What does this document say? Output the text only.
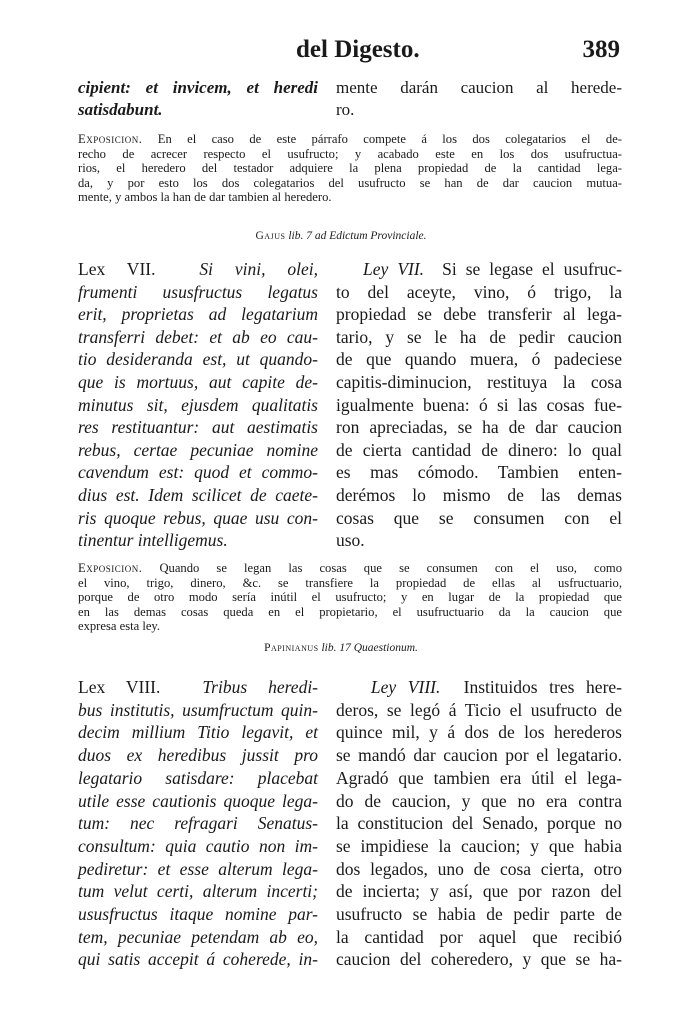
del Digesto.	389
cipient: et invicem, et heredi
satisdabunt.
mente darán caucion al herede-
ro.
Exposicion. En el caso de este párrafo compete á los dos colegatarios el de-
recho de acrecer respecto el usufructo; y acabado este en los dos usufructua-
rios, el heredero del testador adquiere la plena propiedad de la cantidad lega-
da, y por esto los dos colegatarios del usufructo se han de dar caucion mutua-
mente, y ambos la han de dar tambien al heredero.
Gajus lib. 7 ad Edictum Provinciale.
Lex VII.	Si vini, olei,
frumenti ususfructus legatus
erit, proprietas ad legatarium
transferri debet: et ab eo cau-
tio desideranda est, ut quando-
que is mortuus, aut capite de-
minutus sit, ejusdem qualitatis
res restituantur: aut aestimatis
rebus, certae pecuniae nomine
cavendum est: quod et commo-
dius est. Idem scilicet de caete-
ris quoque rebus, quae usu con-
tinentur intelligemus.
Ley VII. Si se legase el usufruc-
to del aceyte, vino, ó trigo, la
propiedad se debe transferir al lega-
tario, y se le ha de pedir caucion
de que quando muera, ó padeciese
capitis-diminucion, restituya la cosa
igualmente buena: ó si las cosas fue-
ron apreciadas, se ha de dar caucion
de cierta cantidad de dinero: lo qual
es mas cómodo. Tambien enten-
derémos lo mismo de las demas
cosas que se consumen con el
uso.
Exposicion. Quando se legan las cosas que se consumen con el uso, como
el vino, trigo, dinero, &c. se transfiere la propiedad de ellas al usfructuario,
porque de otro modo sería inútil el usufructo; y en lugar de la propiedad que
en las demas cosas queda en el propietario, el usufructuario da la caucion que
expresa esta ley.
Papinianus lib. 17 Quaestionum.
Lex VIII. Tribus heredi-
bus institutis, usumfructum quin-
decim millium Titio legavit, et
duos ex heredibus jussit pro
legatario satisdare: placebat
utile esse cautionis quoque lega-
tum: nec refragari Senatus-
consultum: quia cautio non im-
pediretur: et esse alterum lega-
tum velut certi, alterum incerti;
ususfructus itaque nomine par-
tem, pecuniae petendam ab eo,
qui satis accepit á coherede, in-
Ley VIII. Instituidos tres here-
deros, se legó á Ticio el usufructo de
quince mil, y á dos de los herederos
se mandó dar caucion por el legatario.
Agradó que tambien era útil el lega-
do de caucion, y que no era contra
la constitucion del Senado, porque no
se impidiese la caucion; y que habia
dos legados, uno de cosa cierta, otro
de incierta; y así, que por razon del
usufructo se habia de pedir parte de
la cantidad por aquel que recibió
caucion del coheredero, y que se ha-
